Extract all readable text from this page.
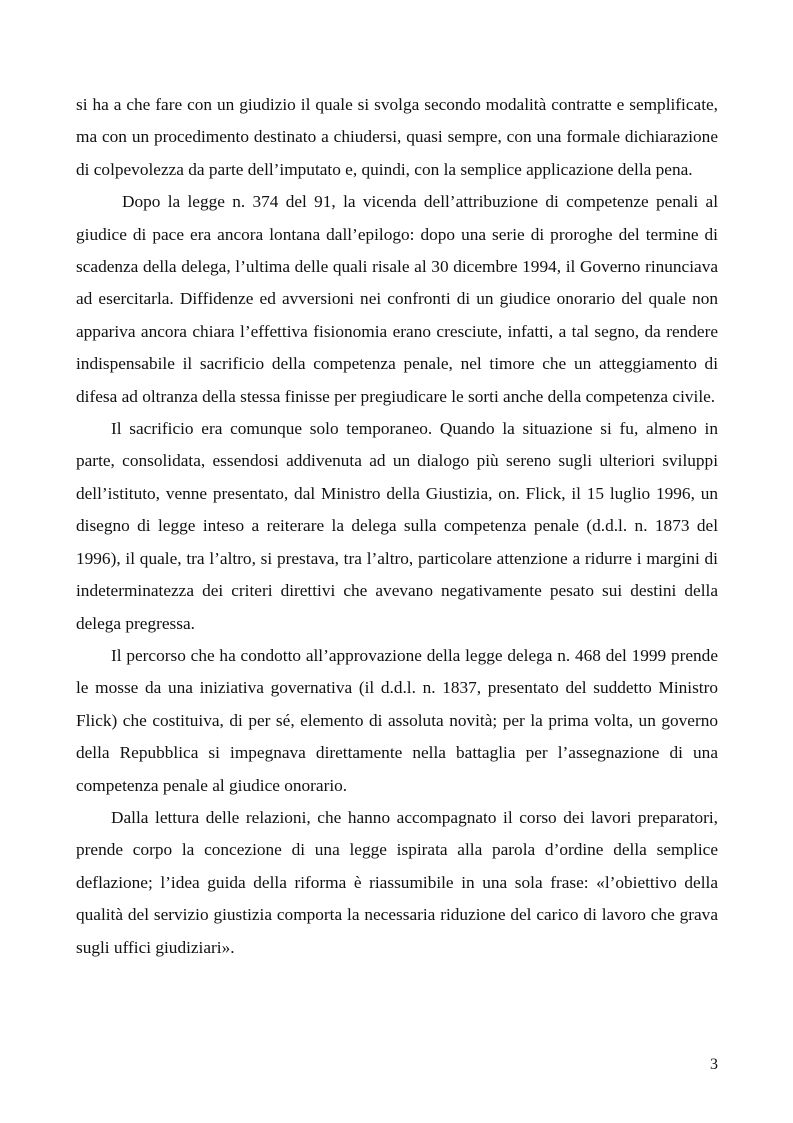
si ha a che fare con un giudizio il quale si svolga secondo modalità contratte e semplificate, ma con un procedimento destinato a chiudersi, quasi sempre, con una formale dichiarazione di colpevolezza da parte dell’imputato e, quindi, con la semplice applicazione della pena.

Dopo la legge n. 374 del 91, la vicenda dell’attribuzione di competenze penali al giudice di pace era ancora lontana dall’epilogo: dopo una serie di proroghe del termine di scadenza della delega, l’ultima delle quali risale al 30 dicembre 1994, il Governo rinunciava ad esercitarla. Diffidenze ed avversioni nei confronti di un giudice onorario del quale non appariva ancora chiara l’effettiva fisionomia erano cresciute, infatti, a tal segno, da rendere indispensabile il sacrificio della competenza penale, nel timore che un atteggiamento di difesa ad oltranza della stessa finisse per pregiudicare le sorti anche della competenza civile.

Il sacrificio era comunque solo temporaneo. Quando la situazione si fu, almeno in parte, consolidata, essendosi addivenuta ad un dialogo più sereno sugli ulteriori sviluppi dell’istituto, venne presentato, dal Ministro della Giustizia, on. Flick, il 15 luglio 1996, un disegno di legge inteso a reiterare la delega sulla competenza penale (d.d.l. n. 1873 del 1996), il quale, tra l’altro, si prestava, tra l’altro, particolare attenzione a ridurre i margini di indeterminatezza dei criteri direttivi che avevano negativamente pesato sui destini della delega pregressa.

Il percorso che ha condotto all’approvazione della legge delega n. 468 del 1999 prende le mosse da una iniziativa governativa (il d.d.l. n. 1837, presentato del suddetto Ministro Flick) che costituiva, di per sé, elemento di assoluta novità; per la prima volta, un governo della Repubblica si impegnava direttamente nella battaglia per l’assegnazione di una competenza penale al giudice onorario.

Dalla lettura delle relazioni, che hanno accompagnato il corso dei lavori preparatori, prende corpo la concezione di una legge ispirata alla parola d’ordine della semplice deflazione; l’idea guida della riforma è riassumibile in una sola frase: «l’obiettivo della qualità del servizio giustizia comporta la necessaria riduzione del carico di lavoro che grava sugli uffici giudiziari».

3
